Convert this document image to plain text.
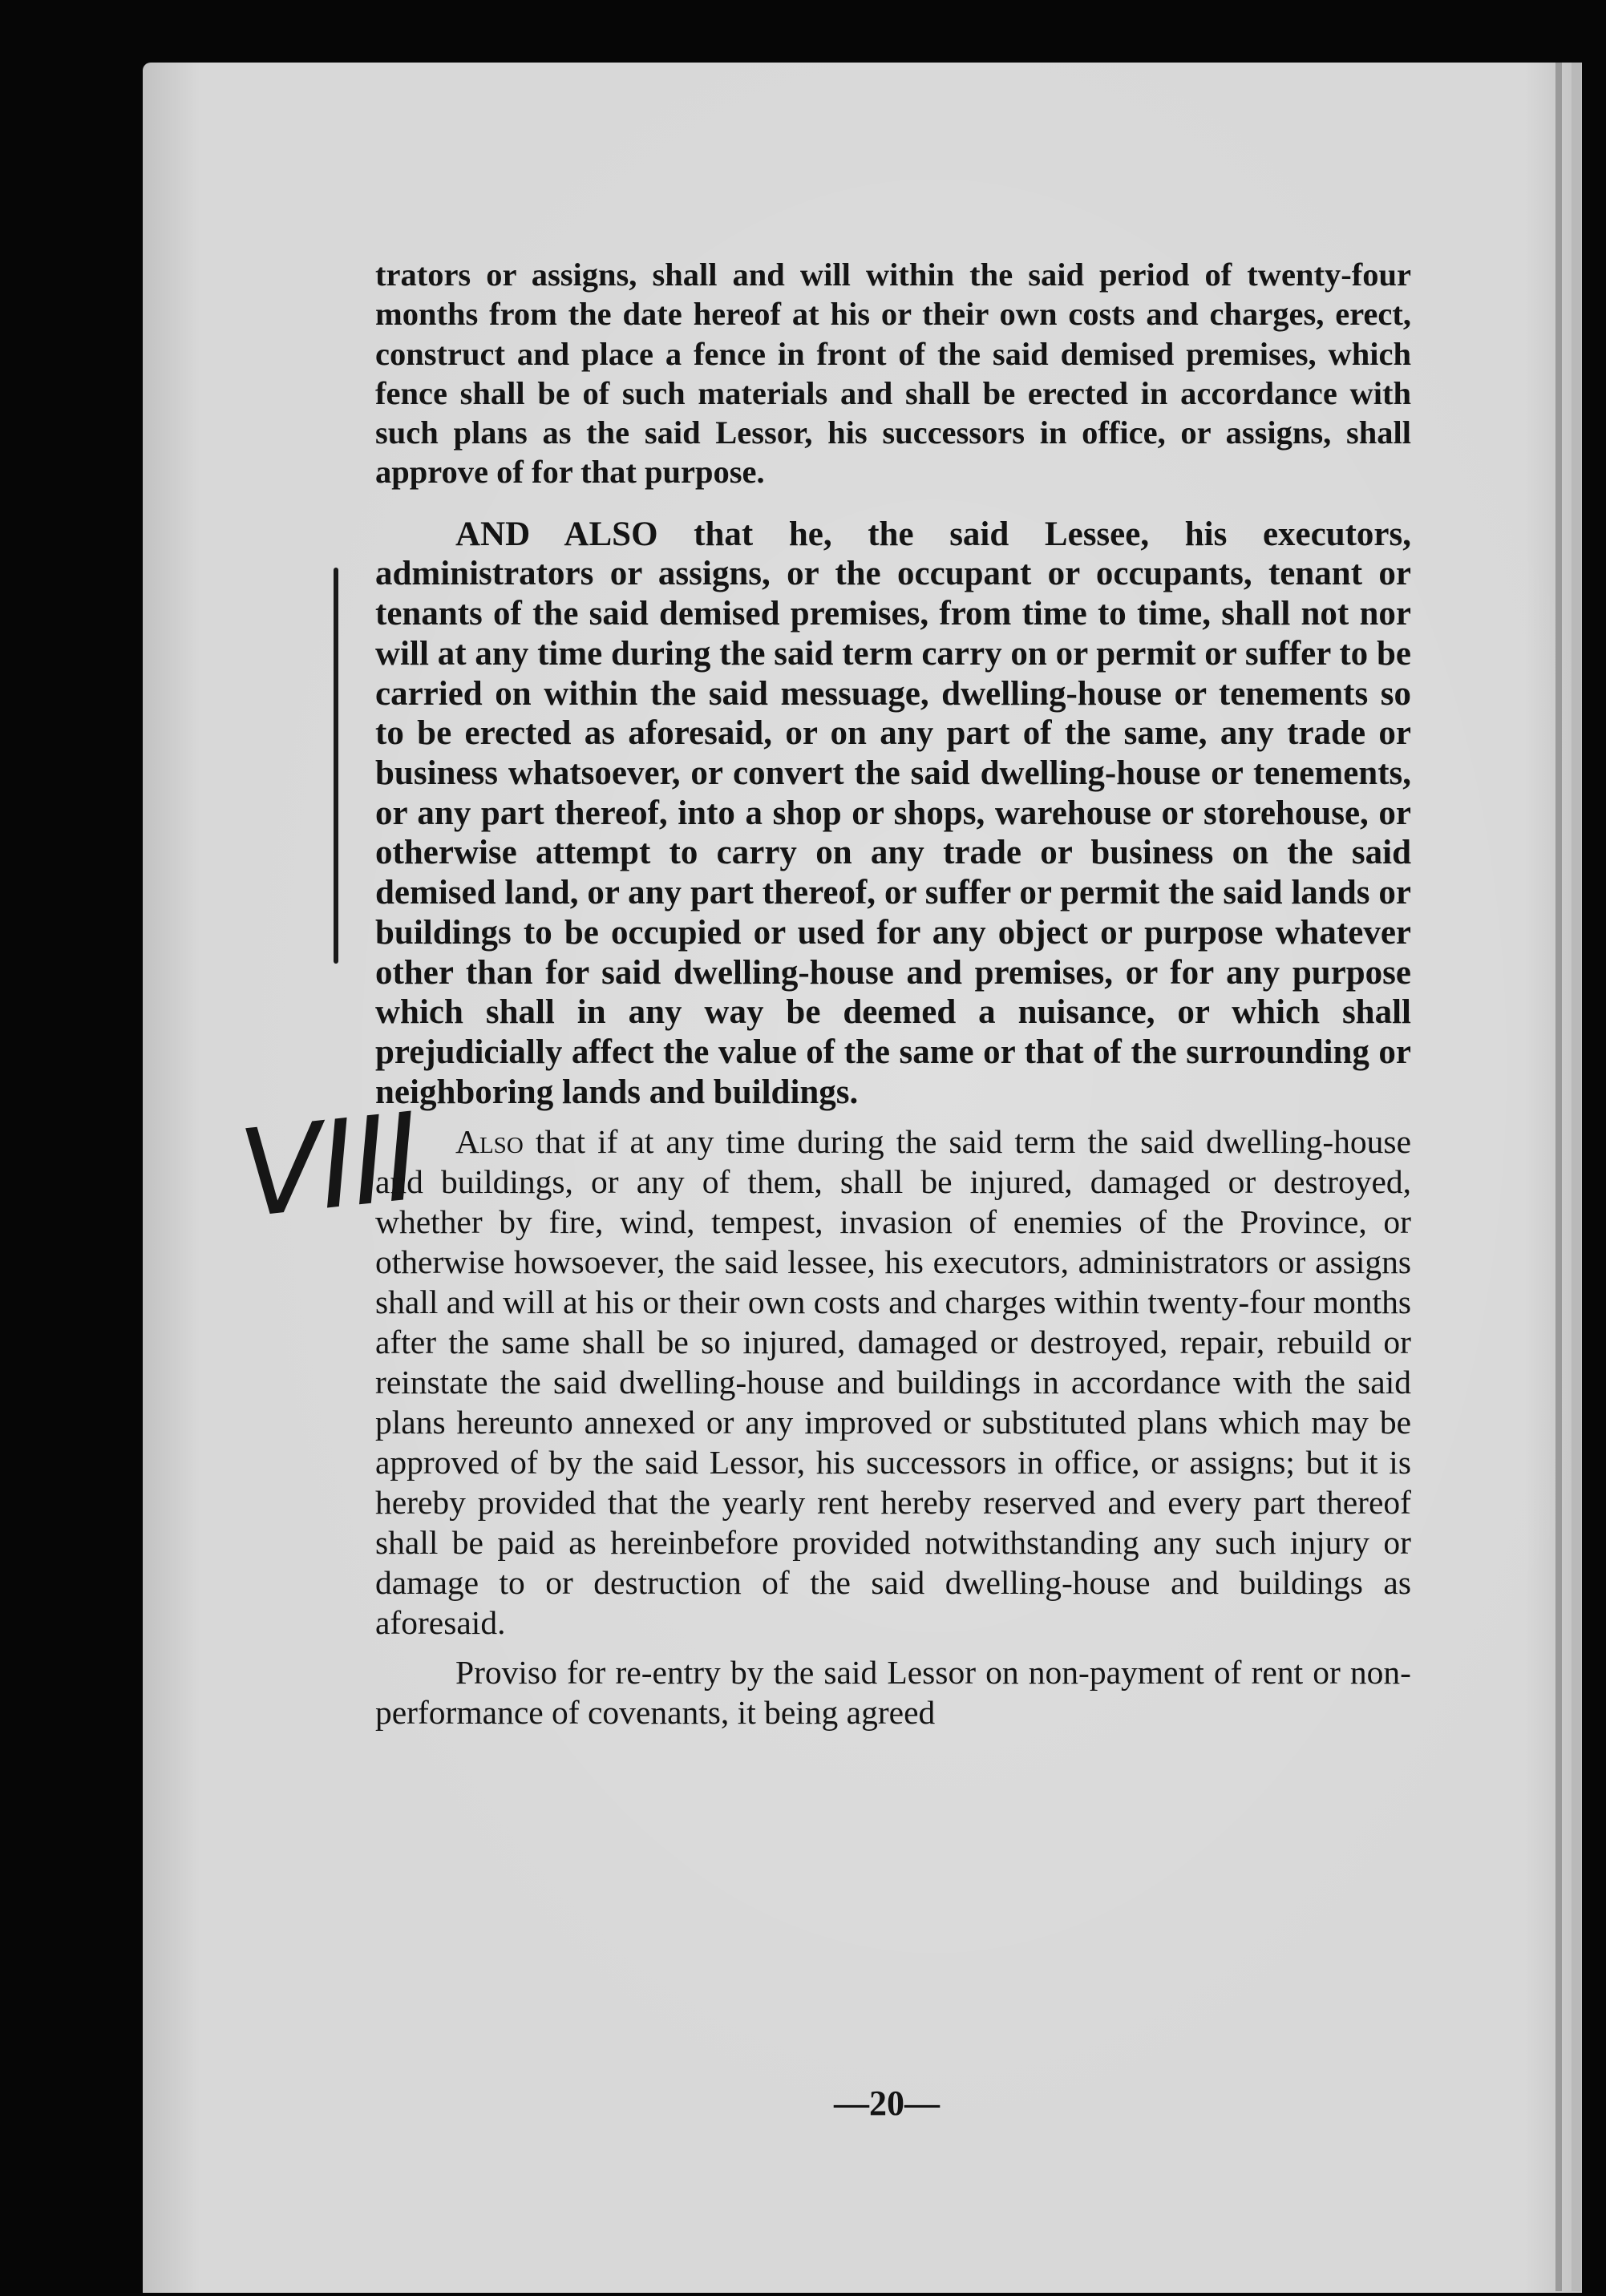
VIII

trators or assigns, shall and will within the said period of twenty-four months from the date hereof at his or their own costs and charges, erect, construct and place a fence in front of the said demised premises, which fence shall be of such materials and shall be erected in accordance with such plans as the said Lessor, his successors in office, or assigns, shall approve of for that purpose.

AND ALSO that he, the said Lessee, his executors, administrators or assigns, or the occupant or occupants, tenant or tenants of the said demised premises, from time to time, shall not nor will at any time during the said term carry on or permit or suffer to be carried on within the said messuage, dwelling-house or tenements so to be erected as aforesaid, or on any part of the same, any trade or business whatsoever, or convert the said dwelling-house or tenements, or any part thereof, into a shop or shops, warehouse or storehouse, or otherwise attempt to carry on any trade or business on the said demised land, or any part thereof, or suffer or permit the said lands or buildings to be occupied or used for any object or purpose whatever other than for said dwelling-house and premises, or for any purpose which shall in any way be deemed a nuisance, or which shall prejudicially affect the value of the same or that of the surrounding or neighboring lands and buildings.

Also that if at any time during the said term the said dwelling-house and buildings, or any of them, shall be injured, damaged or destroyed, whether by fire, wind, tempest, invasion of enemies of the Province, or otherwise howsoever, the said lessee, his executors, administrators or assigns shall and will at his or their own costs and charges within twenty-four months after the same shall be so injured, damaged or destroyed, repair, rebuild or reinstate the said dwelling-house and buildings in accordance with the said plans hereunto annexed or any improved or substituted plans which may be approved of by the said Lessor, his successors in office, or assigns; but it is hereby provided that the yearly rent hereby reserved and every part thereof shall be paid as hereinbefore provided notwithstanding any such injury or damage to or destruction of the said dwelling-house and buildings as aforesaid.

Proviso for re-entry by the said Lessor on non-payment of rent or non-performance of covenants, it being agreed

—20—
